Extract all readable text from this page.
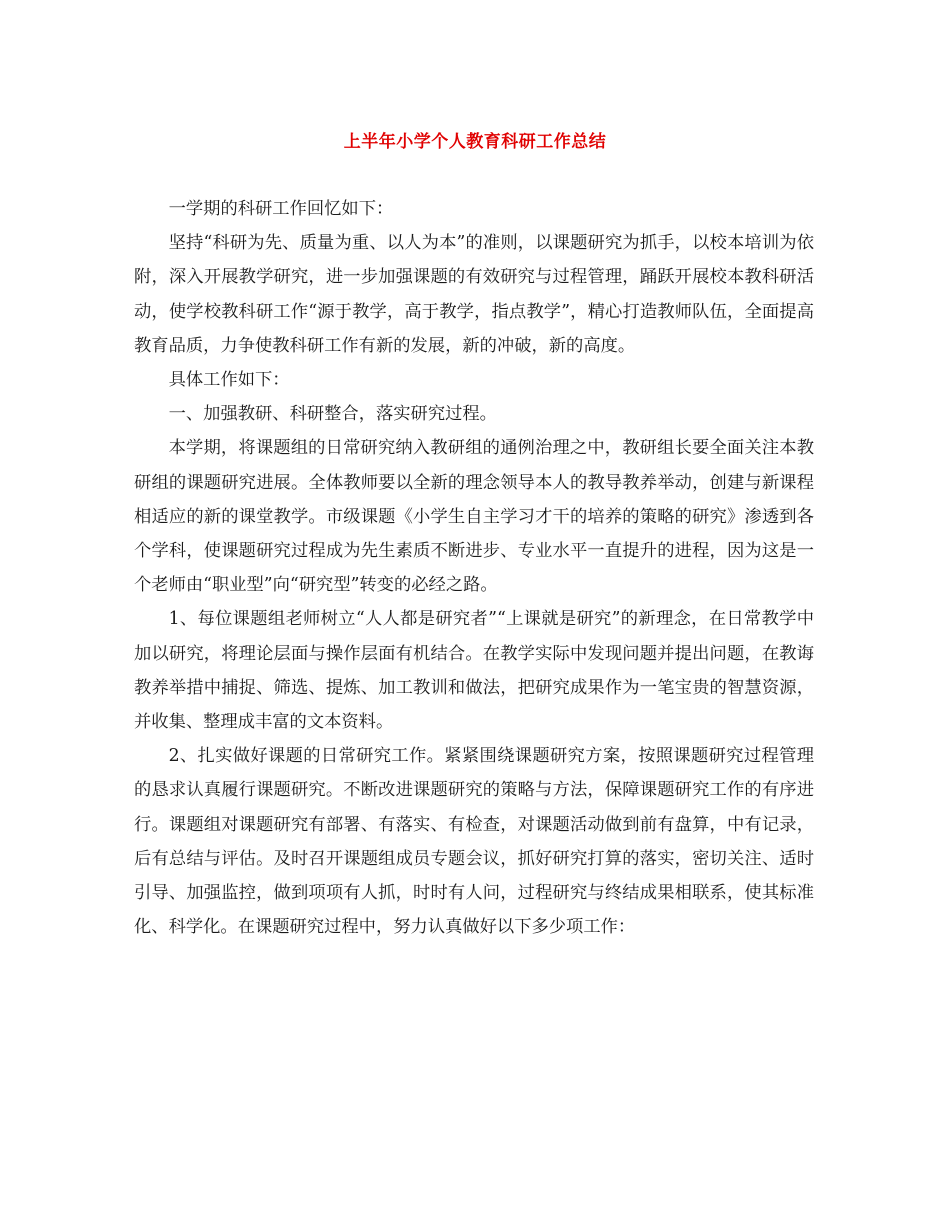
上半年小学个人教育科研工作总结

一学期的科研工作回忆如下：

坚持“科研为先、质量为重、以人为本”的准则，以课题研究为抓手，以校本培训为依附，深入开展教学研究，进一步加强课题的有效研究与过程管理，踊跃开展校本教科研活动，使学校教科研工作“源于教学，高于教学，指点教学”，精心打造教师队伍，全面提高教育品质，力争使教科研工作有新的发展，新的冲破，新的高度。

具体工作如下：

一、加强教研、科研整合，落实研究过程。

本学期，将课题组的日常研究纳入教研组的通例治理之中，教研组长要全面关注本教研组的课题研究进展。全体教师要以全新的理念领导本人的教导教养举动，创建与新课程相适应的新的课堂教学。市级课题《小学生自主学习才干的培养的策略的研究》渗透到各个学科，使课题研究过程成为先生素质不断进步、专业水平一直提升的进程，因为这是一个老师由“职业型”向“研究型”转变的必经之路。

1、每位课题组老师树立“人人都是研究者”“上课就是研究”的新理念，在日常教学中加以研究，将理论层面与操作层面有机结合。在教学实际中发现问题并提出问题，在教诲教养举措中捕捉、筛选、提炼、加工教训和做法，把研究成果作为一笔宝贵的智慧资源，并收集、整理成丰富的文本资料。

2、扎实做好课题的日常研究工作。紧紧围绕课题研究方案，按照课题研究过程管理的恳求认真履行课题研究。不断改进课题研究的策略与方法，保障课题研究工作的有序进行。课题组对课题研究有部署、有落实、有检查，对课题活动做到前有盘算，中有记录，后有总结与评估。及时召开课题组成员专题会议，抓好研究打算的落实，密切关注、适时引导、加强监控，做到项项有人抓，时时有人问，过程研究与终结成果相联系，使其标准化、科学化。在课题研究过程中，努力认真做好以下多少项工作：
